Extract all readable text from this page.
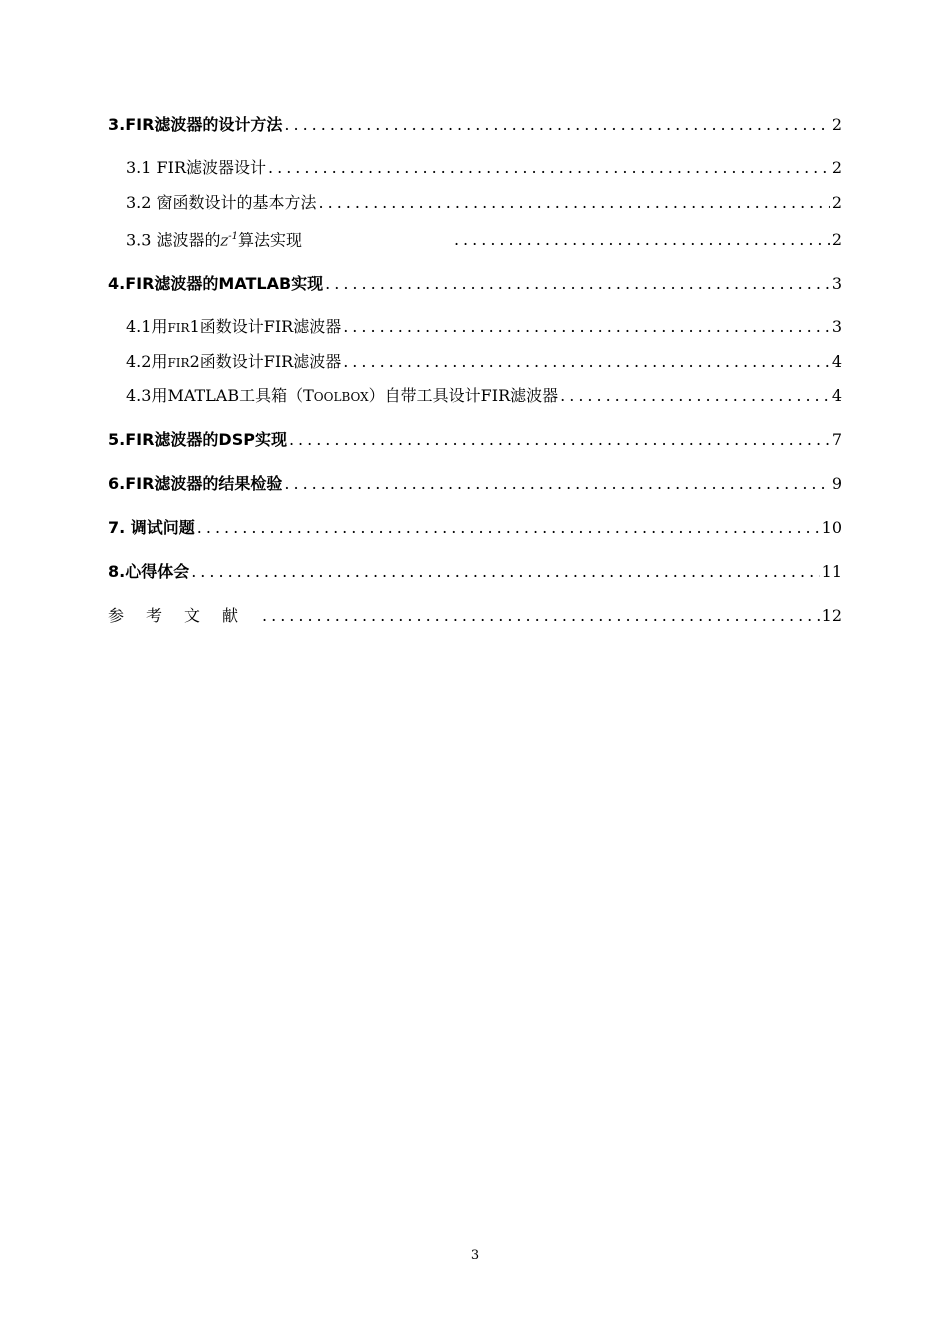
3.FIR滤波器的设计方法 .....	2
3.1 FIR滤波器设计 .....	2
3.2 窗函数设计的基本方法 .....	2
3.3 滤波器的$Z^{-1}$算法实现 .....	2
4.FIR滤波器的MATLAB实现 .....	3
4.1用FIR1函数设计FIR滤波器 .....	3
4.2用FIR2函数设计FIR滤波器 .....	4
4.3用MATLAB工具箱（TOOLBOX）自带工具设计FIR滤波器 .....	4
5.FIR滤波器的DSP实现 .....	7
6.FIR滤波器的结果检验 .....	9
7. 调试问题 .....	10
8.心得体会 .....	11
参考文献 .....	12
3
